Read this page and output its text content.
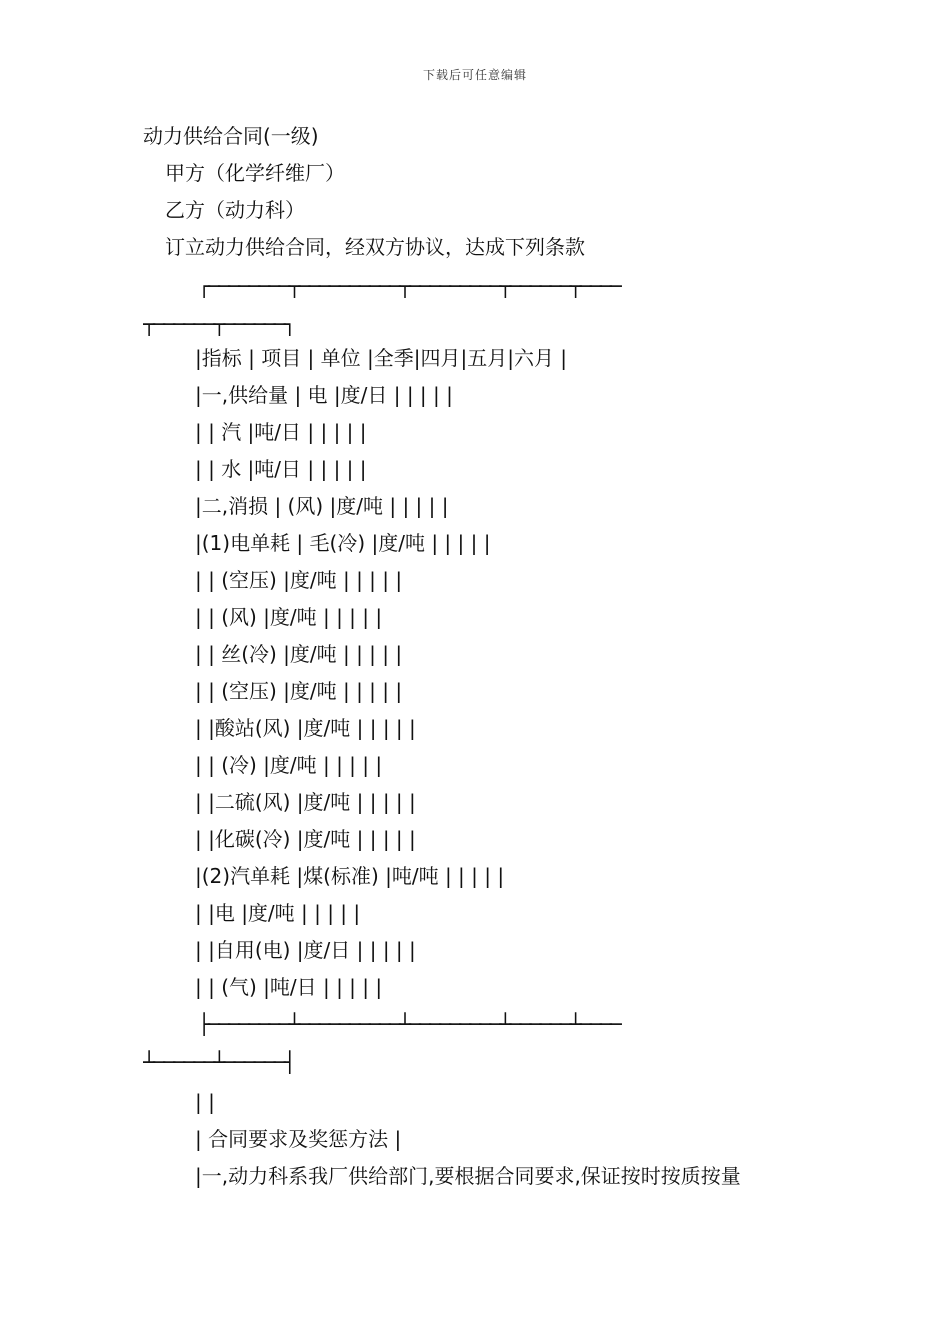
下载后可任意编辑
动力供给合同(一级)
甲方（化学纤维厂）
乙方（动力科）
订立动力供给合同，经双方协议，达成下列条款
┌────────┬──────────┬─────────┬──────┬────
┬──────┬──────┐
|指标 | 项目 | 单位 |全季|四月|五月|六月 |
|一,供给量 | 电 |度/日 | | | | |
| | 汽 |吨/日 | | | | |
| | 水 |吨/日 | | | | |
|二,消损 | (风) |度/吨 | | | | |
|(1)电单耗 | 毛(冷) |度/吨 | | | | |
| | (空压) |度/吨 | | | | |
| | (风) |度/吨 | | | | |
| | 丝(冷) |度/吨 | | | | |
| | (空压) |度/吨 | | | | |
| |酸站(风) |度/吨 | | | | |
| | (冷) |度/吨 | | | | |
| |二硫(风) |度/吨 | | | | |
| |化碳(冷) |度/吨 | | | | |
|(2)汽单耗 |煤(标准) |吨/吨 | | | | |
| |电 |度/吨 | | | | |
| |自用(电) |度/日 | | | | |
| | (气) |吨/日 | | | | |
├────────┴──────────┴─────────┴──────┴────
┴──────┴──────┤
| |
| 合同要求及奖惩方法 |
|一,动力科系我厂供给部门,要根据合同要求,保证按时按质按量
